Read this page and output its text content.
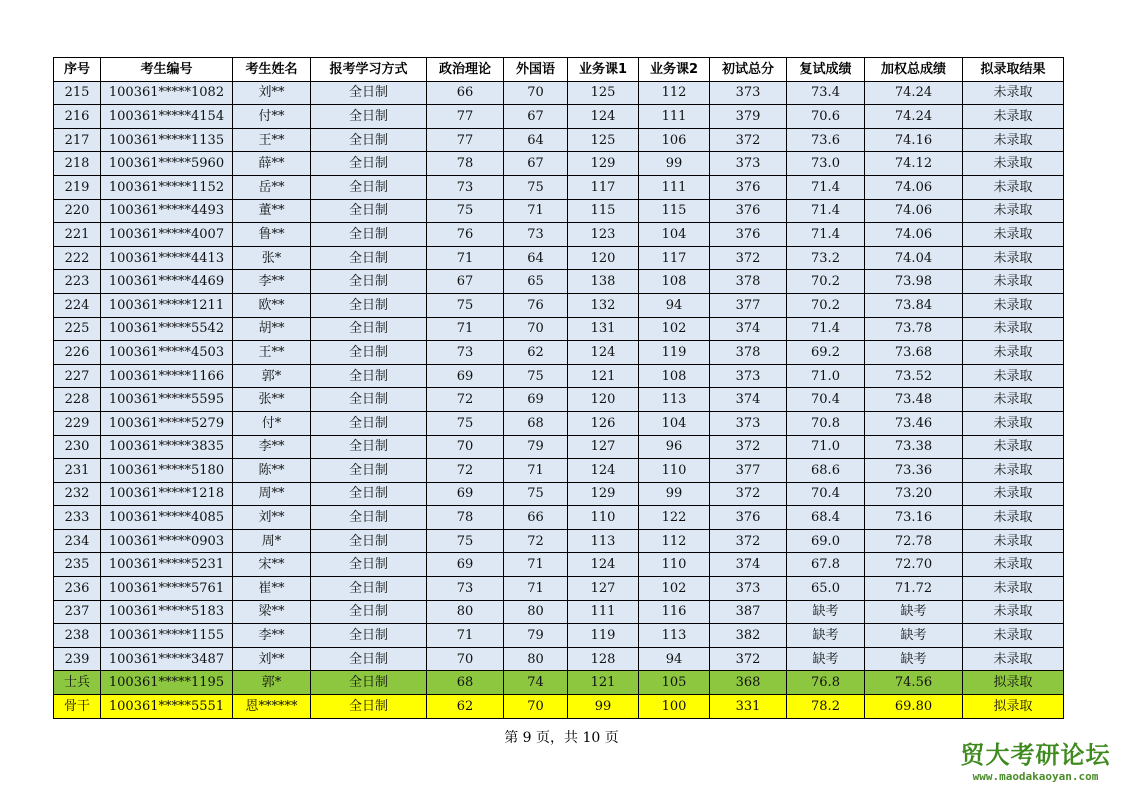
序号	考生编号	考生姓名	报考学习方式	政治理论	外国语	业务课1	业务课2	初试总分	复试成绩	加权总成绩	拟录取结果
215	100361*****1082	刘**	全日制	66	70	125	112	373	73.4	74.24	未录取
216	100361*****4154	付**	全日制	77	67	124	111	379	70.6	74.24	未录取
217	100361*****1135	王**	全日制	77	64	125	106	372	73.6	74.16	未录取
218	100361*****5960	薛**	全日制	78	67	129	99	373	73.0	74.12	未录取
219	100361*****1152	岳**	全日制	73	75	117	111	376	71.4	74.06	未录取
220	100361*****4493	董**	全日制	75	71	115	115	376	71.4	74.06	未录取
221	100361*****4007	鲁**	全日制	76	73	123	104	376	71.4	74.06	未录取
222	100361*****4413	张*	全日制	71	64	120	117	372	73.2	74.04	未录取
223	100361*****4469	李**	全日制	67	65	138	108	378	70.2	73.98	未录取
224	100361*****1211	欧**	全日制	75	76	132	94	377	70.2	73.84	未录取
225	100361*****5542	胡**	全日制	71	70	131	102	374	71.4	73.78	未录取
226	100361*****4503	王**	全日制	73	62	124	119	378	69.2	73.68	未录取
227	100361*****1166	郭*	全日制	69	75	121	108	373	71.0	73.52	未录取
228	100361*****5595	张**	全日制	72	69	120	113	374	70.4	73.48	未录取
229	100361*****5279	付*	全日制	75	68	126	104	373	70.8	73.46	未录取
230	100361*****3835	李**	全日制	70	79	127	96	372	71.0	73.38	未录取
231	100361*****5180	陈**	全日制	72	71	124	110	377	68.6	73.36	未录取
232	100361*****1218	周**	全日制	69	75	129	99	372	70.4	73.20	未录取
233	100361*****4085	刘**	全日制	78	66	110	122	376	68.4	73.16	未录取
234	100361*****0903	周*	全日制	75	72	113	112	372	69.0	72.78	未录取
235	100361*****5231	宋**	全日制	69	71	124	110	374	67.8	72.70	未录取
236	100361*****5761	崔**	全日制	73	71	127	102	373	65.0	71.72	未录取
237	100361*****5183	梁**	全日制	80	80	111	116	387	缺考	缺考	未录取
238	100361*****1155	李**	全日制	71	79	119	113	382	缺考	缺考	未录取
239	100361*****3487	刘**	全日制	70	80	128	94	372	缺考	缺考	未录取
士兵	100361*****1195	郭*	全日制	68	74	121	105	368	76.8	74.56	拟录取
骨干	100361*****5551	恩******	全日制	62	70	99	100	331	78.2	69.80	拟录取
第 9 页，共 10 页
贸大考研论坛
www.maodakaoyan.com
